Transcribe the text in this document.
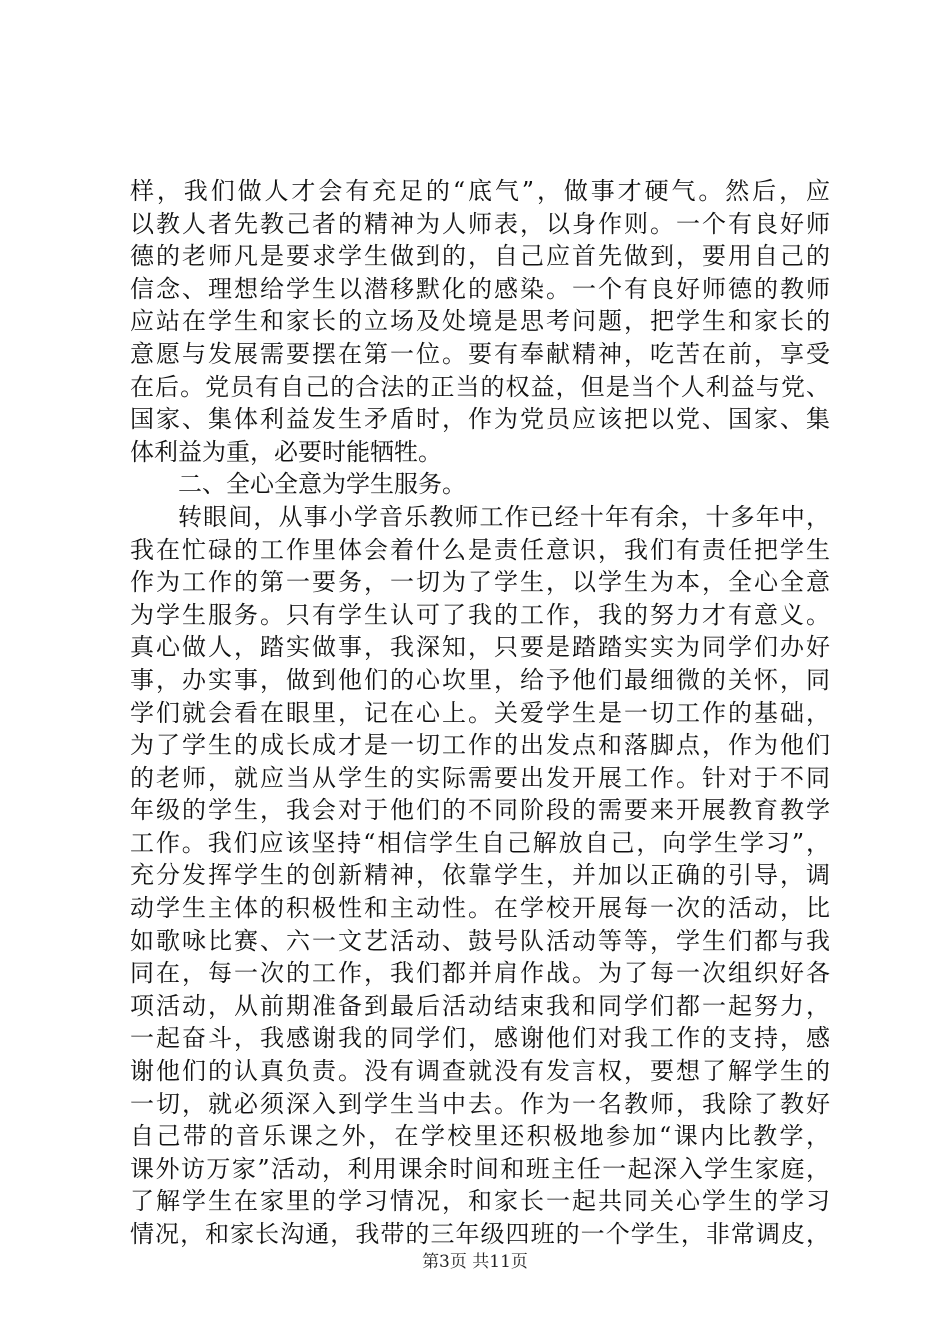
样，我们做人才会有充足的“底气”，做事才硬气。然后，应
以教人者先教己者的精神为人师表，以身作则。一个有良好师
德的老师凡是要求学生做到的，自己应首先做到，要用自己的
信念、理想给学生以潜移默化的感染。一个有良好师德的教师
应站在学生和家长的立场及处境是思考问题，把学生和家长的
意愿与发展需要摆在第一位。要有奉献精神，吃苦在前，享受
在后。党员有自己的合法的正当的权益，但是当个人利益与党、
国家、集体利益发生矛盾时，作为党员应该把以党、国家、集
体利益为重，必要时能牺牲。
二、全心全意为学生服务。
转眼间，从事小学音乐教师工作已经十年有余，十多年中，
我在忙碌的工作里体会着什么是责任意识，我们有责任把学生
作为工作的第一要务，一切为了学生，以学生为本，全心全意
为学生服务。只有学生认可了我的工作，我的努力才有意义。
真心做人，踏实做事，我深知，只要是踏踏实实为同学们办好
事，办实事，做到他们的心坎里，给予他们最细微的关怀，同
学们就会看在眼里，记在心上。关爱学生是一切工作的基础，
为了学生的成长成才是一切工作的出发点和落脚点，作为他们
的老师，就应当从学生的实际需要出发开展工作。针对于不同
年级的学生，我会对于他们的不同阶段的需要来开展教育教学
工作。我们应该坚持“相信学生自己解放自己，向学生学习”，
充分发挥学生的创新精神，依靠学生，并加以正确的引导，调
动学生主体的积极性和主动性。在学校开展每一次的活动，比
如歌咏比赛、六一文艺活动、鼓号队活动等等，学生们都与我
同在，每一次的工作，我们都并肩作战。为了每一次组织好各
项活动，从前期准备到最后活动结束我和同学们都一起努力，
一起奋斗，我感谢我的同学们，感谢他们对我工作的支持，感
谢他们的认真负责。没有调查就没有发言权，要想了解学生的
一切，就必须深入到学生当中去。作为一名教师，我除了教好
自己带的音乐课之外，在学校里还积极地参加“课内比教学，
课外访万家”活动，利用课余时间和班主任一起深入学生家庭，
了解学生在家里的学习情况，和家长一起共同关心学生的学习
情况，和家长沟通，我带的三年级四班的一个学生，非常调皮，
第3页 共11页
